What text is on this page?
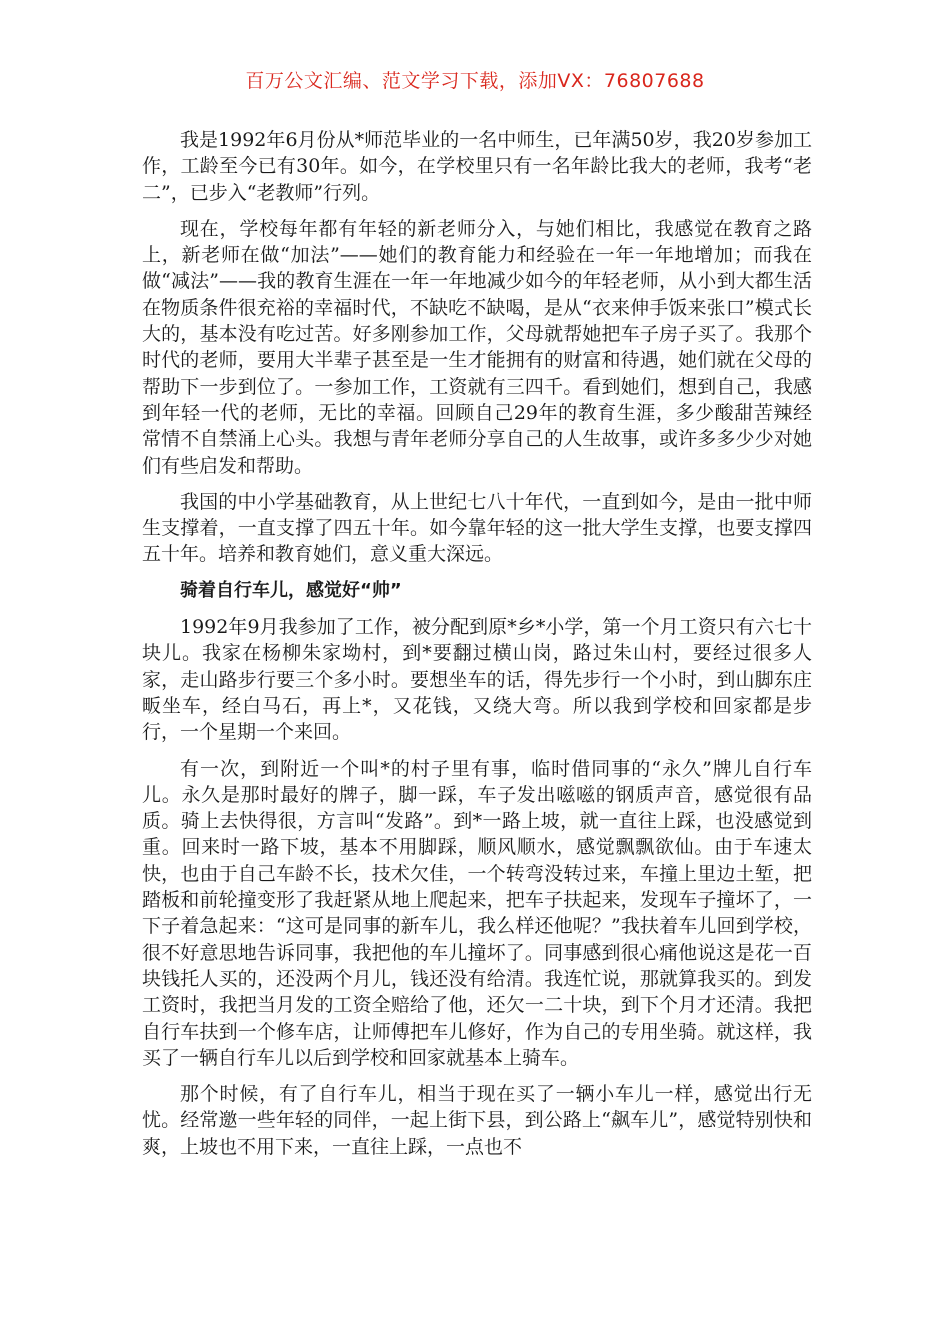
百万公文汇编、范文学习下载，添加VX：76807688

我是1992年6月份从*师范毕业的一名中师生，已年满50岁，我20岁参加工作，工龄至今已有30年。如今，在学校里只有一名年龄比我大的老师，我考“老二”，已步入“老教师”行列。

现在，学校每年都有年轻的新老师分入，与她们相比，我感觉在教育之路上，新老师在做“加法”——她们的教育能力和经验在一年一年地增加；而我在做“减法”——我的教育生涯在一年一年地减少如今的年轻老师，从小到大都生活在物质条件很充裕的幸福时代，不缺吃不缺喝，是从“衣来伸手饭来张口”模式长大的，基本没有吃过苦。好多刚参加工作，父母就帮她把车子房子买了。我那个时代的老师，要用大半辈子甚至是一生才能拥有的财富和待遇，她们就在父母的帮助下一步到位了。一参加工作，工资就有三四千。看到她们，想到自己，我感到年轻一代的老师，无比的幸福。回顾自己29年的教育生涯，多少酸甜苦辣经常情不自禁涌上心头。我想与青年老师分享自己的人生故事，或许多多少少对她们有些启发和帮助。

我国的中小学基础教育，从上世纪七八十年代，一直到如今，是由一批中师生支撑着，一直支撑了四五十年。如今靠年轻的这一批大学生支撑，也要支撑四五十年。培养和教育她们，意义重大深远。

骑着自行车儿，感觉好“帅”

1992年9月我参加了工作，被分配到原*乡*小学，第一个月工资只有六七十块儿。我家在杨柳朱家坳村，到*要翻过横山岗，路过朱山村，要经过很多人家，走山路步行要三个多小时。要想坐车的话，得先步行一个小时，到山脚东庄畈坐车，经白马石，再上*，又花钱，又绕大弯。所以我到学校和回家都是步行，一个星期一个来回。

有一次，到附近一个叫*的村子里有事，临时借同事的“永久”牌儿自行车儿。永久是那时最好的牌子，脚一踩，车子发出嗞嗞的钢质声音，感觉很有品质。骑上去快得很，方言叫“发路”。到*一路上坡，就一直往上踩，也没感觉到重。回来时一路下坡，基本不用脚踩，顺风顺水，感觉飘飘欲仙。由于车速太快，也由于自己车龄不长，技术欠佳，一个转弯没转过来，车撞上里边土堑，把踏板和前轮撞变形了我赶紧从地上爬起来，把车子扶起来，发现车子撞坏了，一下子着急起来：“这可是同事的新车儿，我么样还他呢？”我扶着车儿回到学校，很不好意思地告诉同事，我把他的车儿撞坏了。同事感到很心痛他说这是花一百块钱托人买的，还没两个月儿，钱还没有给清。我连忙说，那就算我买的。到发工资时，我把当月发的工资全赔给了他，还欠一二十块，到下个月才还清。我把自行车扶到一个修车店，让师傅把车儿修好，作为自己的专用坐骑。就这样，我买了一辆自行车儿以后到学校和回家就基本上骑车。

那个时候，有了自行车儿，相当于现在买了一辆小车儿一样，感觉出行无忧。经常邀一些年轻的同伴，一起上街下县，到公路上“飙车儿”，感觉特别快和爽，上坡也不用下来，一直往上踩，一点也不
